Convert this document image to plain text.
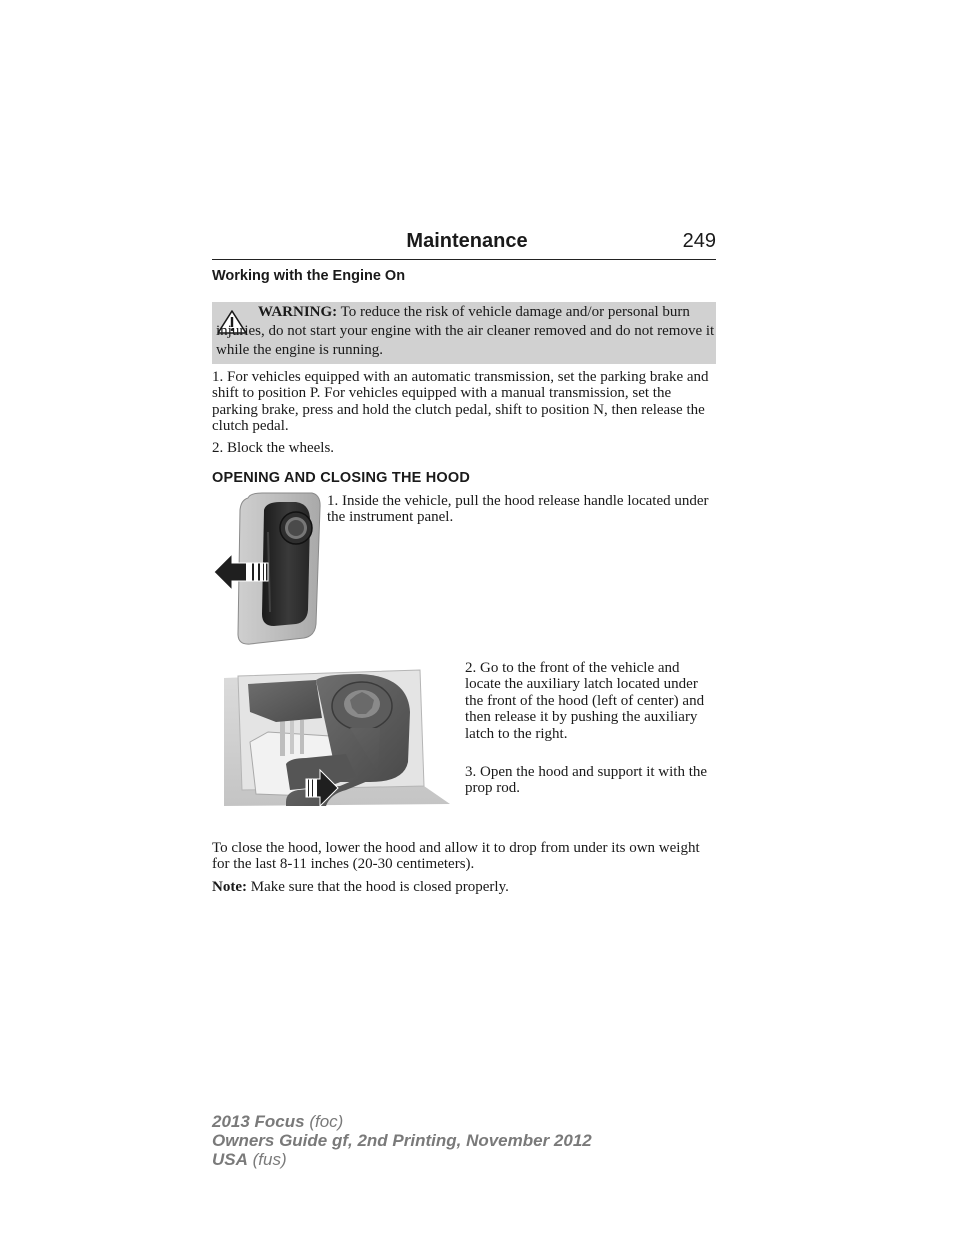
Maintenance	249
Working with the Engine On
WARNING: To reduce the risk of vehicle damage and/or personal burn injuries, do not start your engine with the air cleaner removed and do not remove it while the engine is running.
1. For vehicles equipped with an automatic transmission, set the parking brake and shift to position P. For vehicles equipped with a manual transmission, set the parking brake, press and hold the clutch pedal, shift to position N, then release the clutch pedal.
2. Block the wheels.
OPENING AND CLOSING THE HOOD
1. Inside the vehicle, pull the hood release handle located under the instrument panel.
2. Go to the front of the vehicle and locate the auxiliary latch located under the front of the hood (left of center) and then release it by pushing the auxiliary latch to the right.
3. Open the hood and support it with the prop rod.
To close the hood, lower the hood and allow it to drop from under its own weight for the last 8-11 inches (20-30 centimeters).
Note: Make sure that the hood is closed properly.
2013 Focus (foc)
Owners Guide gf, 2nd Printing, November 2012
USA (fus)
